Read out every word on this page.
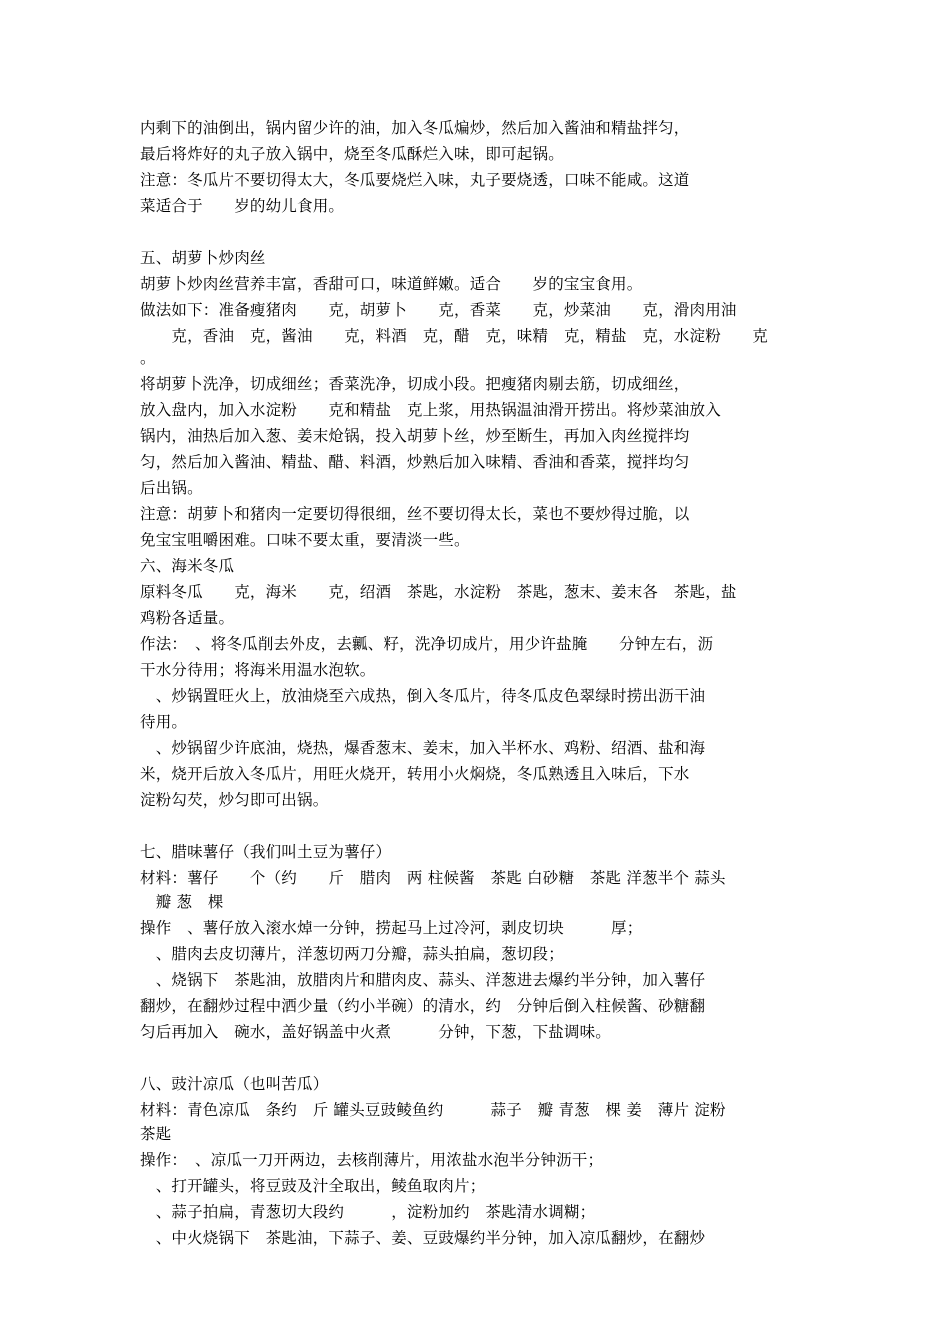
内剩下的油倒出，锅内留少许的油，加入冬瓜煸炒，然后加入酱油和精盐拌匀，
最后将炸好的丸子放入锅中，烧至冬瓜酥烂入味，即可起锅。
注意：冬瓜片不要切得太大，冬瓜要烧烂入味，丸子要烧透，口味不能咸。这道
菜适合于　　岁的幼儿食用。
五、胡萝卜炒肉丝
胡萝卜炒肉丝营养丰富，香甜可口，味道鲜嫩。适合　　岁的宝宝食用。
做法如下：准备瘦猪肉　　克，胡萝卜　　克，香菜　　克，炒菜油　　克，滑肉用油
　　克，香油　克，酱油　　克，料酒　克，醋　克，味精　克，精盐　克，水淀粉　　克
。
将胡萝卜洗净，切成细丝；香菜洗净，切成小段。把瘦猪肉剔去筋，切成细丝，
放入盘内，加入水淀粉　　克和精盐　克上浆，用热锅温油滑开捞出。将炒菜油放入
锅内，油热后加入葱、姜末炝锅，投入胡萝卜丝，炒至断生，再加入肉丝搅拌均
匀，然后加入酱油、精盐、醋、料酒，炒熟后加入味精、香油和香菜，搅拌均匀
后出锅。
注意：胡萝卜和猪肉一定要切得很细，丝不要切得太长，菜也不要炒得过脆，以
免宝宝咀嚼困难。口味不要太重，要清淡一些。
六、海米冬瓜
原料冬瓜　　克，海米　　克，绍酒　茶匙，水淀粉　茶匙，葱末、姜末各　茶匙，盐
鸡粉各适量。
作法：　、将冬瓜削去外皮，去瓤、籽，洗净切成片，用少许盐腌　　分钟左右，沥
干水分待用；将海米用温水泡软。
　、炒锅置旺火上，放油烧至六成热，倒入冬瓜片，待冬瓜皮色翠绿时捞出沥干油
待用。
　、炒锅留少许底油，烧热，爆香葱末、姜末，加入半杯水、鸡粉、绍酒、盐和海
米，烧开后放入冬瓜片，用旺火烧开，转用小火焖烧，冬瓜熟透且入味后，下水
淀粉勾芡，炒匀即可出锅。
七、腊味薯仔（我们叫土豆为薯仔）
材料：薯仔　　个（约　　斤　腊肉　两 柱候酱　茶匙 白砂糖　茶匙 洋葱半个 蒜头
　瓣 葱　棵
操作　、薯仔放入滚水焯一分钟，捞起马上过冷河，剥皮切块　　　厚；
　、腊肉去皮切薄片，洋葱切两刀分瓣，蒜头拍扁，葱切段；
　、烧锅下　茶匙油，放腊肉片和腊肉皮、蒜头、洋葱进去爆约半分钟，加入薯仔
翻炒，在翻炒过程中洒少量（约小半碗）的清水，约　分钟后倒入柱候酱、砂糖翻
匀后再加入　碗水，盖好锅盖中火煮　　　分钟，下葱，下盐调味。
八、豉汁凉瓜（也叫苦瓜）
材料：青色凉瓜　条约　斤 罐头豆豉鲮鱼约　　　蒜子　瓣 青葱　棵 姜　薄片 淀粉
茶匙
操作：　、凉瓜一刀开两边，去核削薄片，用浓盐水泡半分钟沥干；
　、打开罐头，将豆豉及汁全取出，鲮鱼取肉片；
　、蒜子拍扁，青葱切大段约　　　，淀粉加约　茶匙清水调糊；
　、中火烧锅下　茶匙油，下蒜子、姜、豆豉爆约半分钟，加入凉瓜翻炒，在翻炒
